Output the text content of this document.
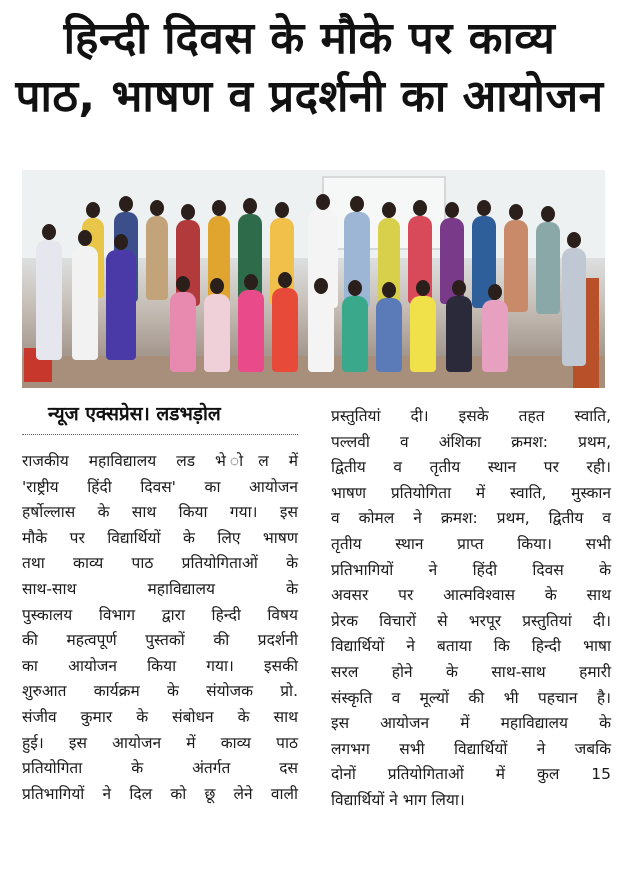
हिन्दी दिवस के मौके पर काव्य
पाठ, भाषण व प्रदर्शनी का आयोजन
न्यूज एक्सप्रेस। लडभड़ोल
राजकीय महाविद्यालय लड भे ोल में
'राष्ट्रीय हिंदी दिवस' का आयोजन
हर्षोल्लास के साथ किया गया। इस
मौके पर विद्यार्थियों के लिए भाषण
तथा काव्य पाठ प्रतियोगिताओं के
साथ-साथ महाविद्यालय के
पुस्कालय विभाग द्वारा हिन्दी विषय
की महत्वपूर्ण पुस्तकों की प्रदर्शनी
का आयोजन किया गया। इसकी
शुरुआत कार्यक्रम के संयोजक प्रो.
संजीव कुमार के संबोधन के साथ
हुई। इस आयोजन में काव्य पाठ
प्रतियोगिता के अंतर्गत दस
प्रतिभागियों ने दिल को छू लेने वाली
प्रस्तुतियां दी। इसके तहत स्वाति,
पल्लवी व अंशिका क्रमश: प्रथम,
द्वितीय व तृतीय स्थान पर रही।
भाषण प्रतियोगिता में स्वाति, मुस्कान
व कोमल ने क्रमश: प्रथम, द्वितीय व
तृतीय स्थान प्राप्त किया। सभी
प्रतिभागियों ने हिंदी दिवस के
अवसर पर आत्मविश्वास के साथ
प्रेरक विचारों से भरपूर प्रस्तुतियां दी।
विद्यार्थियों ने बताया कि हिन्दी भाषा
सरल होने के साथ-साथ हमारी
संस्कृति व मूल्यों की भी पहचान है।
इस आयोजन में महाविद्यालय के
लगभग सभी विद्यार्थियों ने जबकि
दोनों प्रतियोगिताओं में कुल 15
विद्यार्थियों ने भाग लिया।
